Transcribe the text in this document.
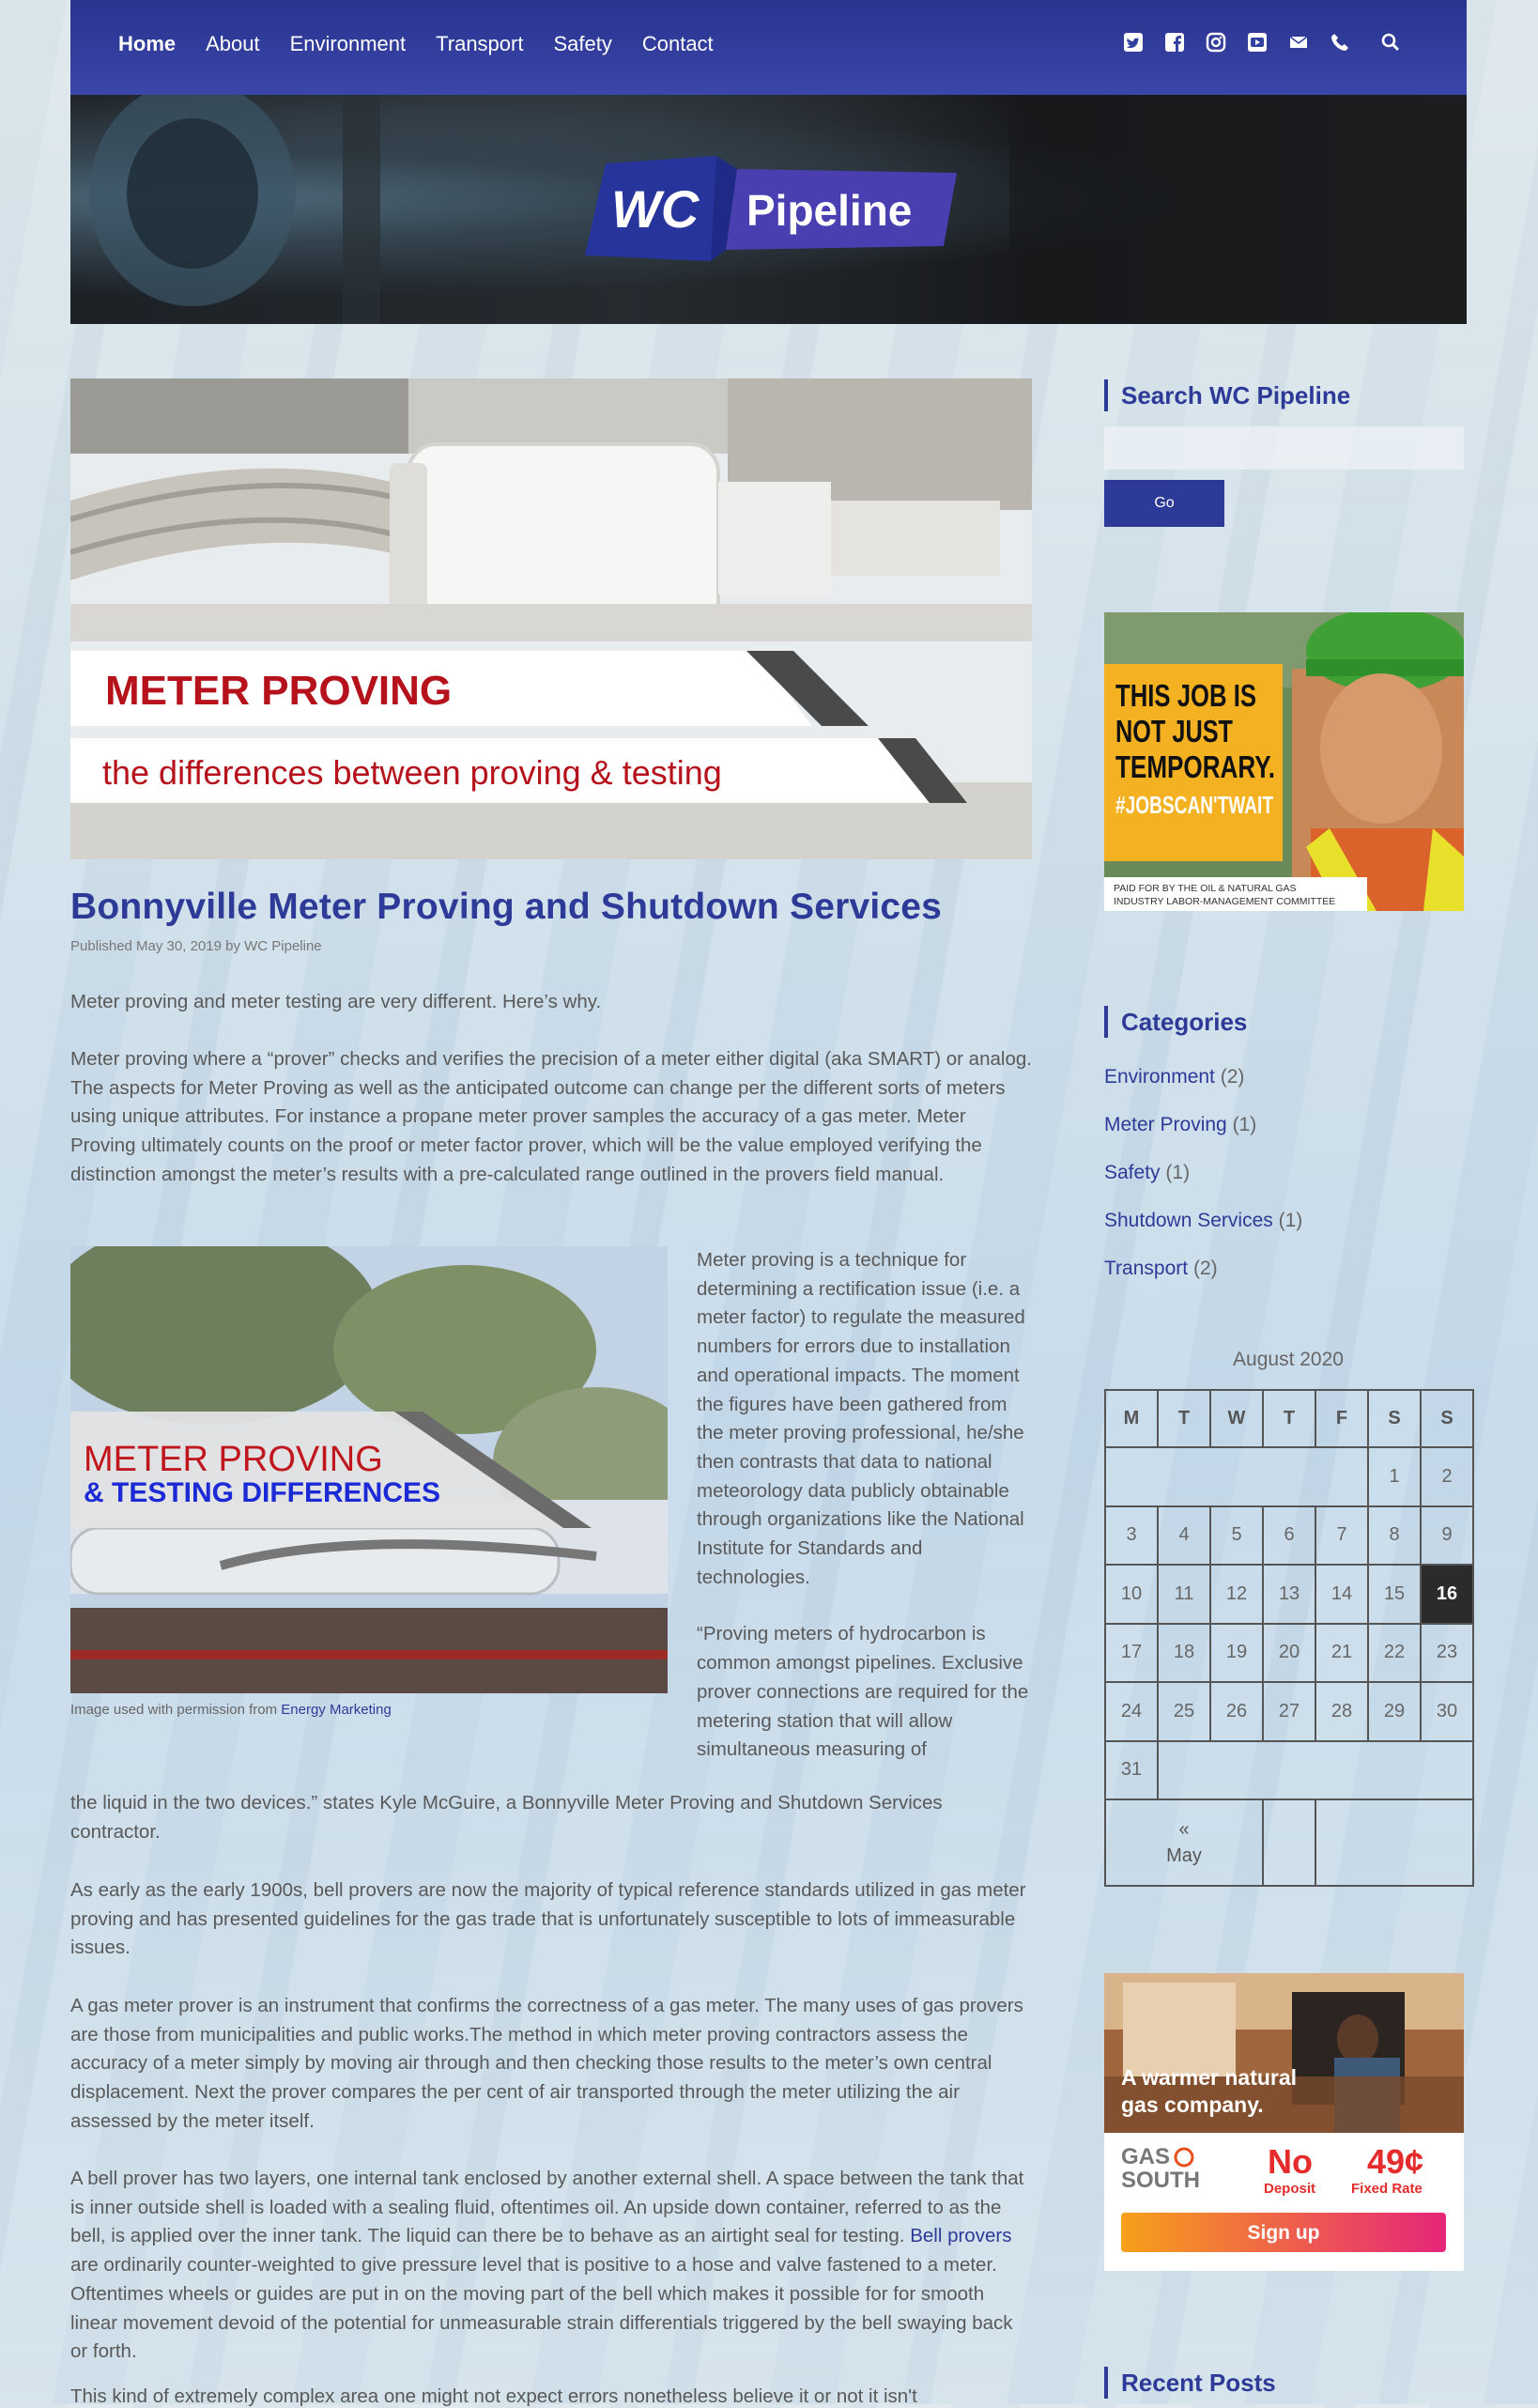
Home About Environment Transport Safety Contact
WC Pipeline
METER PROVING
the differences between proving & testing
Bonnyville Meter Proving and Shutdown Services
Published May 30, 2019 by WC Pipeline

Meter proving and meter testing are very different. Here’s why.

Meter proving where a “prover” checks and verifies the precision of a meter either digital (aka SMART) or analog. The aspects for Meter Proving as well as the anticipated outcome can change per the different sorts of meters using unique attributes. For instance a propane meter prover samples the accuracy of a gas meter. Meter Proving ultimately counts on the proof or meter factor prover, which will be the value employed verifying the distinction amongst the meter’s results with a pre-calculated range outlined in the provers field manual.

METER PROVING
& TESTING DIFFERENCES
Image used with permission from Energy Marketing

Meter proving is a technique for determining a rectification issue (i.e. a meter factor) to regulate the measured numbers for errors due to installation and operational impacts. The moment the figures have been gathered from the meter proving professional, he/she then contrasts that data to national meteorology data publicly obtainable through organizations like the National Institute for Standards and technologies.

“Proving meters of hydrocarbon is common amongst pipelines. Exclusive prover connections are required for the metering station that will allow simultaneous measuring of

the liquid in the two devices.” states Kyle McGuire, a Bonnyville Meter Proving and Shutdown Services contractor.

As early as the early 1900s, bell provers are now the majority of typical reference standards utilized in gas meter proving and has presented guidelines for the gas trade that is unfortunately susceptible to lots of immeasurable issues.

A gas meter prover is an instrument that confirms the correctness of a gas meter. The many uses of gas provers are those from municipalities and public works.The method in which meter proving contractors assess the accuracy of a meter simply by moving air through and then checking those results to the meter’s own central displacement. Next the prover compares the per cent of air transported through the meter utilizing the air assessed by the meter itself.

A bell prover has two layers, one internal tank enclosed by another external shell. A space between the tank that is inner outside shell is loaded with a sealing fluid, oftentimes oil. An upside down container, referred to as the bell, is applied over the inner tank. The liquid can there be to behave as an airtight seal for testing. Bell provers are ordinarily counter-weighted to give pressure level that is positive to a hose and valve fastened to a meter. Oftentimes wheels or guides are put in on the moving part of the bell which makes it possible for for smooth linear movement devoid of the potential for unmeasurable strain differentials triggered by the bell swaying back or forth.

This kind of extremely complex area one might not expect errors nonetheless believe it or not it isn't
Search WC Pipeline
Go
THIS JOB IS
NOT JUST
TEMPORARY.
#JOBSCAN'TWAIT
PAID FOR BY THE OIL & NATURAL GAS
INDUSTRY LABOR-MANAGEMENT COMMITTEE
Categories
Environment (2)
Meter Proving (1)
Safety (1)
Shutdown Services (1)
Transport (2)
August 2020
M	T	W	T	F	S	S
					1	2
3	4	5	6	7	8	9
10	11	12	13	14	15	16
17	18	19	20	21	22	23
24	25	26	27	28	29	30
31						

«
May						

A warmer natural
gas company.
GAS
SOUTH No
Deposit
49¢
Fixed Rate
Sign up
Recent Posts
